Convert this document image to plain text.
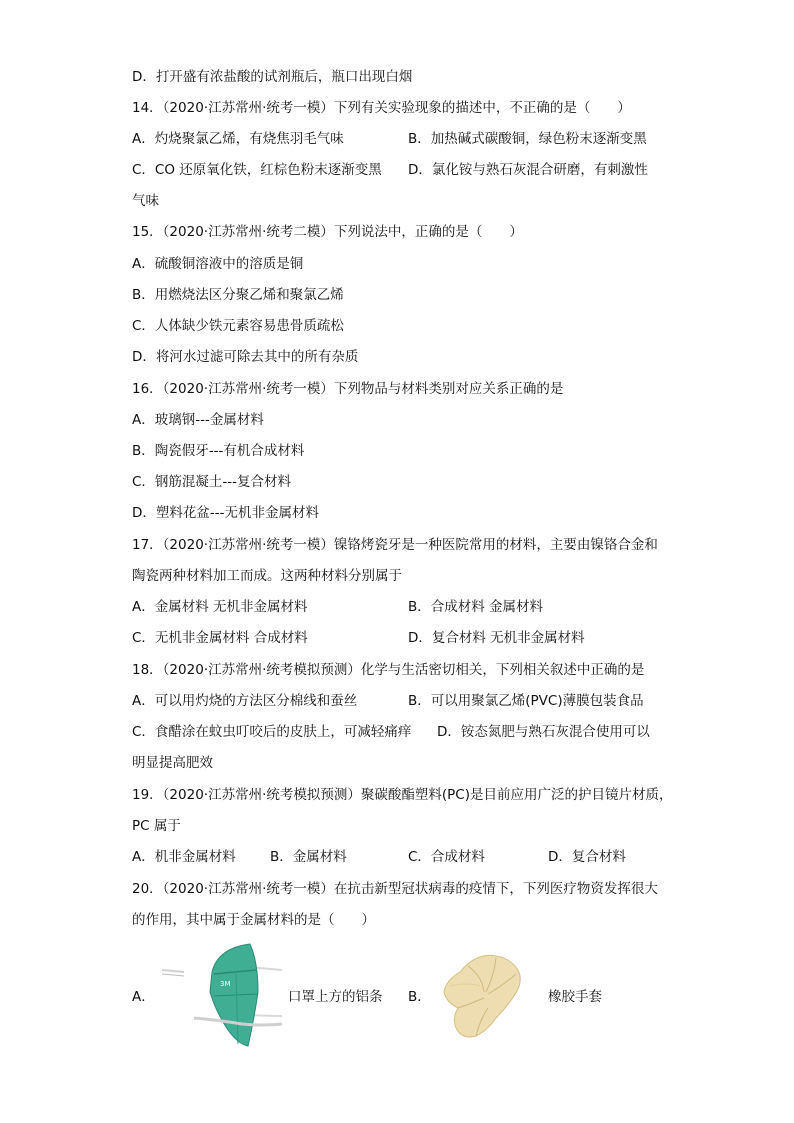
D．打开盛有浓盐酸的试剂瓶后，瓶口出现白烟
14．（2020·江苏常州·统考一模）下列有关实验现象的描述中，不正确的是（　　）
A．灼烧聚氯乙烯，有烧焦羽毛气味	B．加热碱式碳酸铜，绿色粉末逐渐变黑
C．CO 还原氧化铁，红棕色粉末逐渐变黑 D．氯化铵与熟石灰混合研磨，有刺激性
气味
15．（2020·江苏常州·统考二模）下列说法中，正确的是（　　）
A．硫酸铜溶液中的溶质是铜
B．用燃烧法区分聚乙烯和聚氯乙烯
C．人体缺少铁元素容易患骨质疏松
D．将河水过滤可除去其中的所有杂质
16．（2020·江苏常州·统考一模）下列物品与材料类别对应关系正确的是
A．玻璃钢---金属材料
B．陶瓷假牙---有机合成材料
C．钢筋混凝土---复合材料
D．塑料花盆---无机非金属材料
17．（2020·江苏常州·统考一模）镍铬烤瓷牙是一种医院常用的材料，主要由镍铬合金和
陶瓷两种材料加工而成。这两种材料分别属于
A．金属材料 无机非金属材料	B．合成材料 金属材料
C．无机非金属材料 合成材料	D．复合材料 无机非金属材料
18．（2020·江苏常州·统考模拟预测）化学与生活密切相关，下列相关叙述中正确的是
A．可以用灼烧的方法区分棉线和蚕丝	B．可以用聚氯乙烯(PVC)薄膜包装食品
C．食醋涂在蚊虫叮咬后的皮肤上，可减轻痛痒 D．铵态氮肥与熟石灰混合使用可以
明显提高肥效
19．（2020·江苏常州·统考模拟预测）聚碳酸酯塑料(PC)是目前应用广泛的护目镜片材质，
PC 属于
A．机非金属材料	B．金属材料	C．合成材料	D．复合材料
20．（2020·江苏常州·统考一模）在抗击新型冠状病毒的疫情下，下列医疗物资发挥很大
的作用，其中属于金属材料的是（　　）
A．
3M
口罩上方的铝条 B．	橡胶手套
